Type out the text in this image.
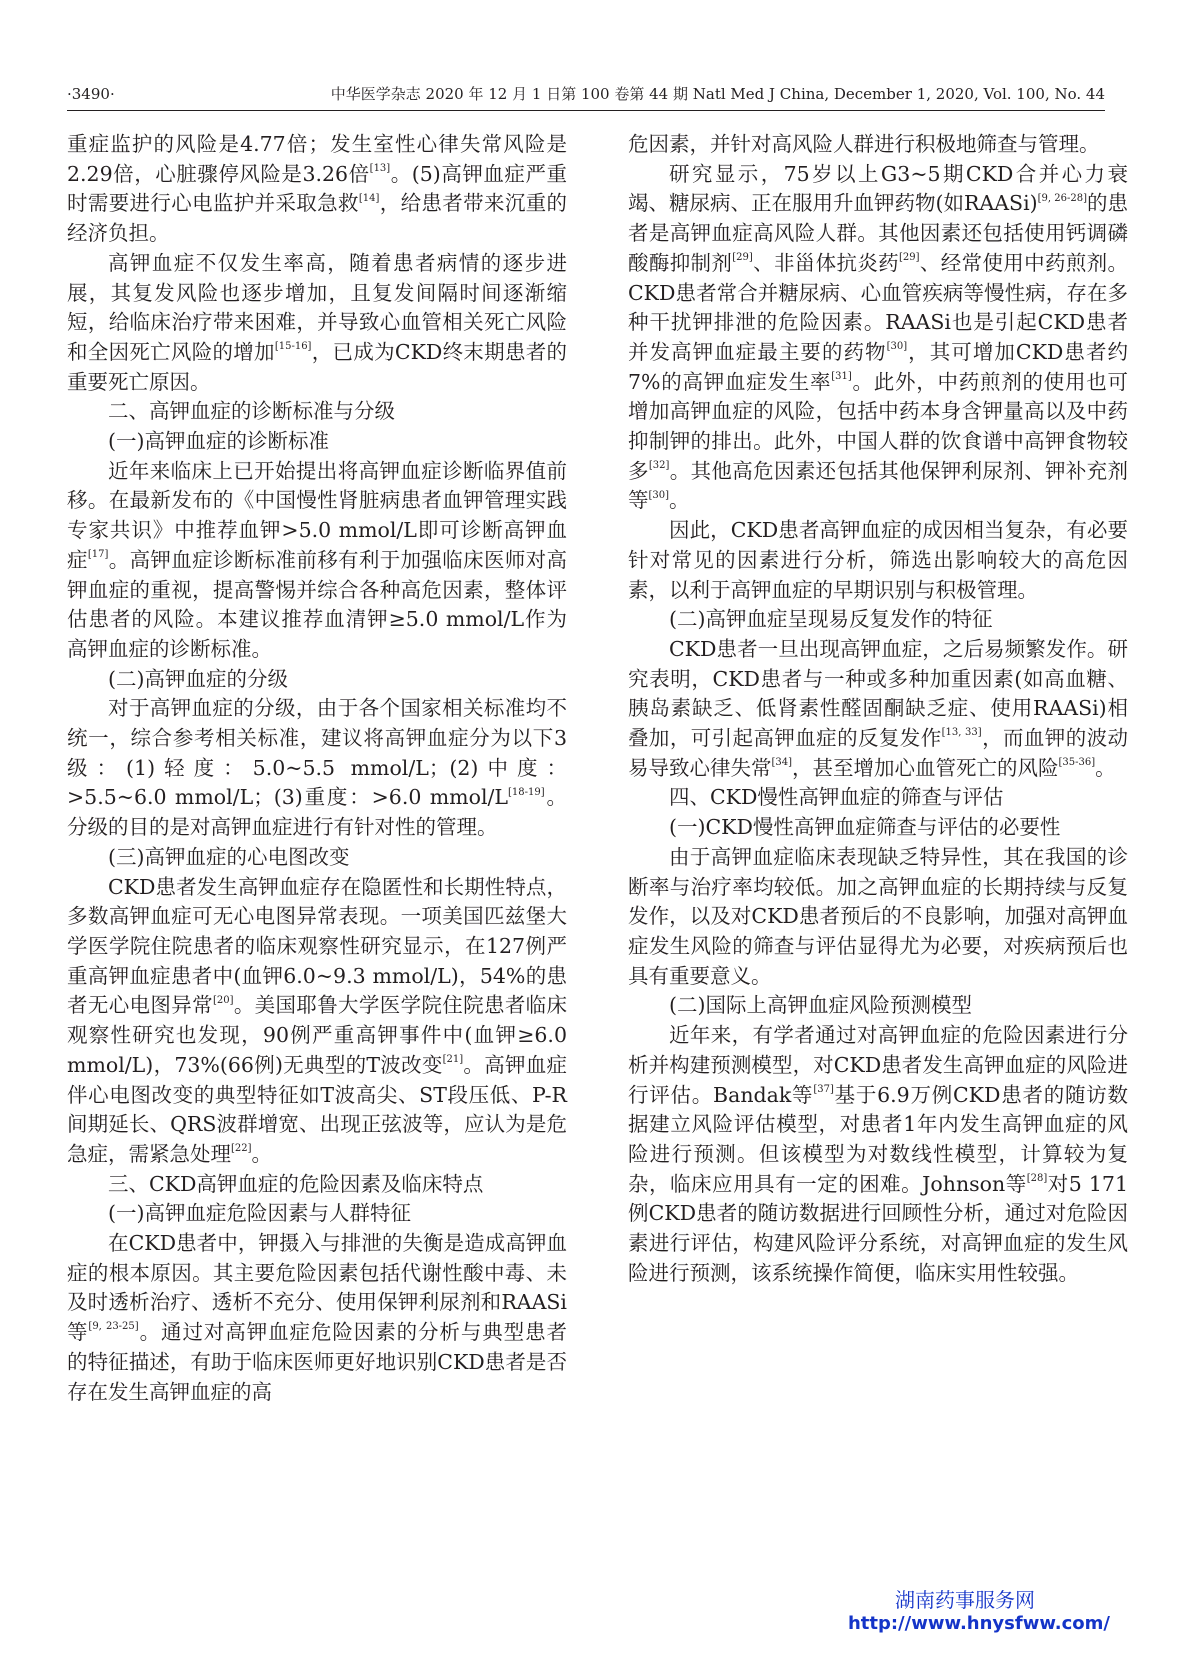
·3490·	中华医学杂志 2020 年 12 月 1 日第 100 卷第 44 期 Natl Med J China, December 1, 2020, Vol. 100, No. 44

重症监护的风险是4.77倍；发生室性心律失常风险是2.29倍，心脏骤停风险是3.26倍[13]。(5)高钾血症严重时需要进行心电监护并采取急救[14]，给患者带来沉重的经济负担。

高钾血症不仅发生率高，随着患者病情的逐步进展，其复发风险也逐步增加，且复发间隔时间逐渐缩短，给临床治疗带来困难，并导致心血管相关死亡风险和全因死亡风险的增加[15-16]，已成为CKD终末期患者的重要死亡原因。

二、高钾血症的诊断标准与分级

(一)高钾血症的诊断标准

近年来临床上已开始提出将高钾血症诊断临界值前移。在最新发布的《中国慢性肾脏病患者血钾管理实践专家共识》中推荐血钾>5.0 mmol/L即可诊断高钾血症[17]。高钾血症诊断标准前移有利于加强临床医师对高钾血症的重视，提高警惕并综合各种高危因素，整体评估患者的风险。本建议推荐血清钾≥5.0 mmol/L作为高钾血症的诊断标准。

(二)高钾血症的分级

对于高钾血症的分级，由于各个国家相关标准均不统一，综合参考相关标准，建议将高钾血症分为以下3级：(1)轻度：5.0~5.5 mmol/L；(2)中度：>5.5~6.0 mmol/L；(3)重度：>6.0 mmol/L[18-19]。分级的目的是对高钾血症进行有针对性的管理。

(三)高钾血症的心电图改变

CKD患者发生高钾血症存在隐匿性和长期性特点，多数高钾血症可无心电图异常表现。一项美国匹兹堡大学医学院住院患者的临床观察性研究显示，在127例严重高钾血症患者中(血钾6.0~9.3 mmol/L)，54%的患者无心电图异常[20]。美国耶鲁大学医学院住院患者临床观察性研究也发现，90例严重高钾事件中(血钾≥6.0 mmol/L)，73%(66例)无典型的T波改变[21]。高钾血症伴心电图改变的典型特征如T波高尖、ST段压低、P-R间期延长、QRS波群增宽、出现正弦波等，应认为是危急症，需紧急处理[22]。

三、CKD高钾血症的危险因素及临床特点

(一)高钾血症危险因素与人群特征

在CKD患者中，钾摄入与排泄的失衡是造成高钾血症的根本原因。其主要危险因素包括代谢性酸中毒、未及时透析治疗、透析不充分、使用保钾利尿剂和RAASi等[9, 23-25]。通过对高钾血症危险因素的分析与典型患者的特征描述，有助于临床医师更好地识别CKD患者是否存在发生高钾血症的高

危因素，并针对高风险人群进行积极地筛查与管理。

研究显示，75岁以上G3~5期CKD合并心力衰竭、糖尿病、正在服用升血钾药物(如RAASi)[9, 26-28]的患者是高钾血症高风险人群。其他因素还包括使用钙调磷酸酶抑制剂[29]、非甾体抗炎药[29]、经常使用中药煎剂。CKD患者常合并糖尿病、心血管疾病等慢性病，存在多种干扰钾排泄的危险因素。RAASi也是引起CKD患者并发高钾血症最主要的药物[30]，其可增加CKD患者约7%的高钾血症发生率[31]。此外，中药煎剂的使用也可增加高钾血症的风险，包括中药本身含钾量高以及中药抑制钾的排出。此外，中国人群的饮食谱中高钾食物较多[32]。其他高危因素还包括其他保钾利尿剂、钾补充剂等[30]。

因此，CKD患者高钾血症的成因相当复杂，有必要针对常见的因素进行分析，筛选出影响较大的高危因素，以利于高钾血症的早期识别与积极管理。

(二)高钾血症呈现易反复发作的特征

CKD患者一旦出现高钾血症，之后易频繁发作。研究表明，CKD患者与一种或多种加重因素(如高血糖、胰岛素缺乏、低肾素性醛固酮缺乏症、使用RAASi)相叠加，可引起高钾血症的反复发作[13, 33]，而血钾的波动易导致心律失常[34]，甚至增加心血管死亡的风险[35-36]。

四、CKD慢性高钾血症的筛查与评估

(一)CKD慢性高钾血症筛查与评估的必要性

由于高钾血症临床表现缺乏特异性，其在我国的诊断率与治疗率均较低。加之高钾血症的长期持续与反复发作，以及对CKD患者预后的不良影响，加强对高钾血症发生风险的筛查与评估显得尤为必要，对疾病预后也具有重要意义。

(二)国际上高钾血症风险预测模型

近年来，有学者通过对高钾血症的危险因素进行分析并构建预测模型，对CKD患者发生高钾血症的风险进行评估。Bandak等[37]基于6.9万例CKD患者的随访数据建立风险评估模型，对患者1年内发生高钾血症的风险进行预测。但该模型为对数线性模型，计算较为复杂，临床应用具有一定的困难。Johnson等[28]对5 171例CKD患者的随访数据进行回顾性分析，通过对危险因素进行评估，构建风险评分系统，对高钾血症的发生风险进行预测，该系统操作简便，临床实用性较强。

湖南药事服务网
http://www.hnysfww.com/
